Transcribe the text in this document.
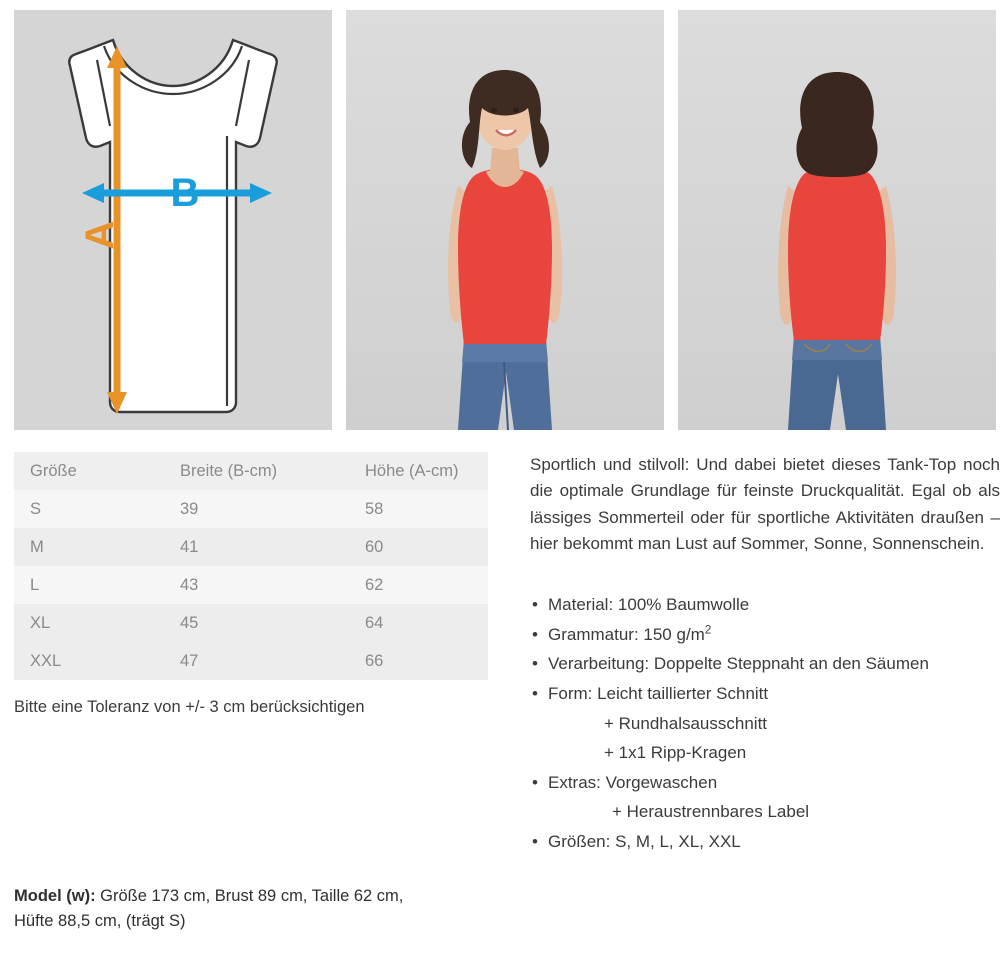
A
B
Größe	Breite (B-cm)	Höhe (A-cm)
S	39	58
M	41	60
L	43	62
XL	45	64
XXL	47	66
Bitte eine Toleranz von +/- 3 cm berücksichtigen

Sportlich und stilvoll: Und dabei bietet dieses Tank-Top noch die optimale Grundlage für feinste Druckqualität. Egal ob als lässiges Sommerteil oder für sportliche Aktivitäten draußen – hier bekommt man Lust auf Sommer, Sonne, Sonnenschein.

• Material: 100% Baumwolle
• Grammatur: 150 $g/m^2$
• Verarbeitung: Doppelte Steppnaht an den Säumen
• Form: Leicht taillierter Schnitt
+ Rundhalsausschnitt
+ 1x1 Ripp-Kragen
• Extras: Vorgewaschen
+ Heraustrennbares Label
• Größen: S, M, L, XL, XXL
Model (w): Größe 173 cm, Brust 89 cm, Taille 62 cm,
Hüfte 88,5 cm, (trägt S)
